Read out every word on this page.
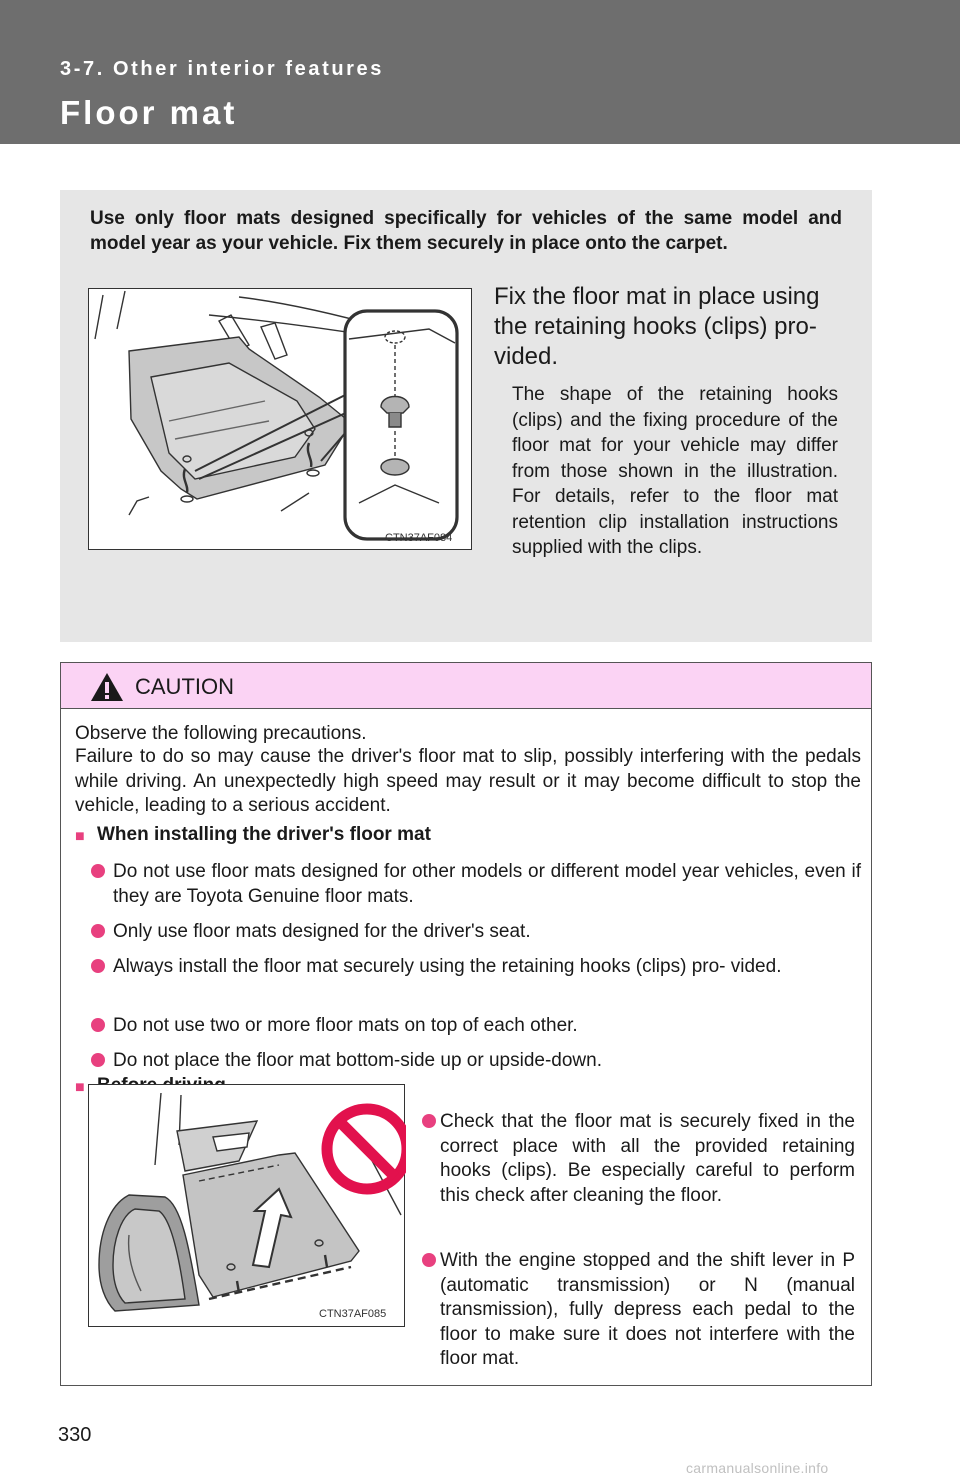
3-7. Other interior features
Floor mat
Use only floor mats designed specifically for vehicles of the same model and model year as your vehicle. Fix them securely in place onto the carpet.
CTN37AF084
Fix the floor mat in place using the retaining hooks (clips) pro- vided.
The shape of the retaining hooks (clips) and the fixing procedure of the floor mat for your vehicle may differ from those shown in the illustration. For details, refer to the floor mat retention clip installation instructions supplied with the clips.
CAUTION
Observe the following precautions.
Failure to do so may cause the driver's floor mat to slip, possibly interfering with the pedals while driving. An unexpectedly high speed may result or it may become difficult to stop the vehicle, leading to a serious accident.
■ When installing the driver's floor mat
Do not use floor mats designed for other models or different model year vehicles, even if they are Toyota Genuine floor mats.
Only use floor mats designed for the driver's seat.
Always install the floor mat securely using the retaining hooks (clips) pro- vided.
Do not use two or more floor mats on top of each other.
Do not place the floor mat bottom-side up or upside-down.
■
CTN37AF085
Check that the floor mat is securely fixed in the correct place with all the provided retaining hooks (clips). Be especially careful to perform this check after cleaning the floor.
With the engine stopped and the shift lever in P (automatic transmission) or N (manual transmission), fully depress each pedal to the floor to make sure it does not interfere with the floor mat.
330
carmanualsonline.info
